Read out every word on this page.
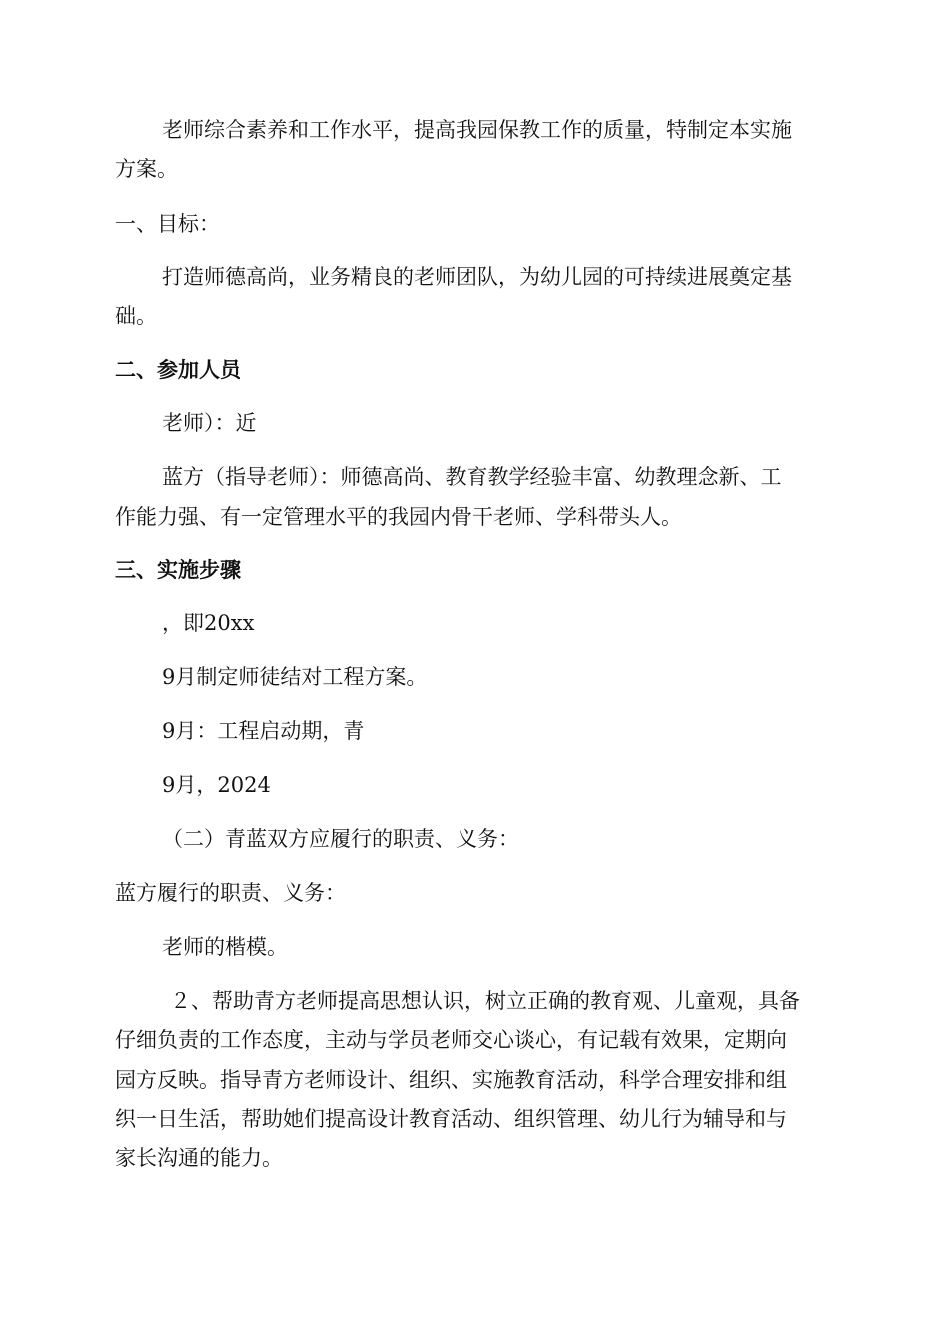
老师综合素养和工作水平，提高我园保教工作的质量，特制定本实施
方案。
一、目标：
打造师德高尚，业务精良的老师团队，为幼儿园的可持续进展奠定基
础。
二、参加人员
老师）：近
蓝方（指导老师）：师德高尚、教育教学经验丰富、幼教理念新、工
作能力强、有一定管理水平的我园内骨干老师、学科带头人。
三、实施步骤
，即20xx
9月制定师徒结对工程方案。
9月：工程启动期，青
9月，2024
（二）青蓝双方应履行的职责、义务：
蓝方履行的职责、义务：
老师的楷模。
２、帮助青方老师提高思想认识，树立正确的教育观、儿童观，具备
仔细负责的工作态度，主动与学员老师交心谈心，有记载有效果，定期向
园方反映。指导青方老师设计、组织、实施教育活动，科学合理安排和组
织一日生活，帮助她们提高设计教育活动、组织管理、幼儿行为辅导和与
家长沟通的能力。
